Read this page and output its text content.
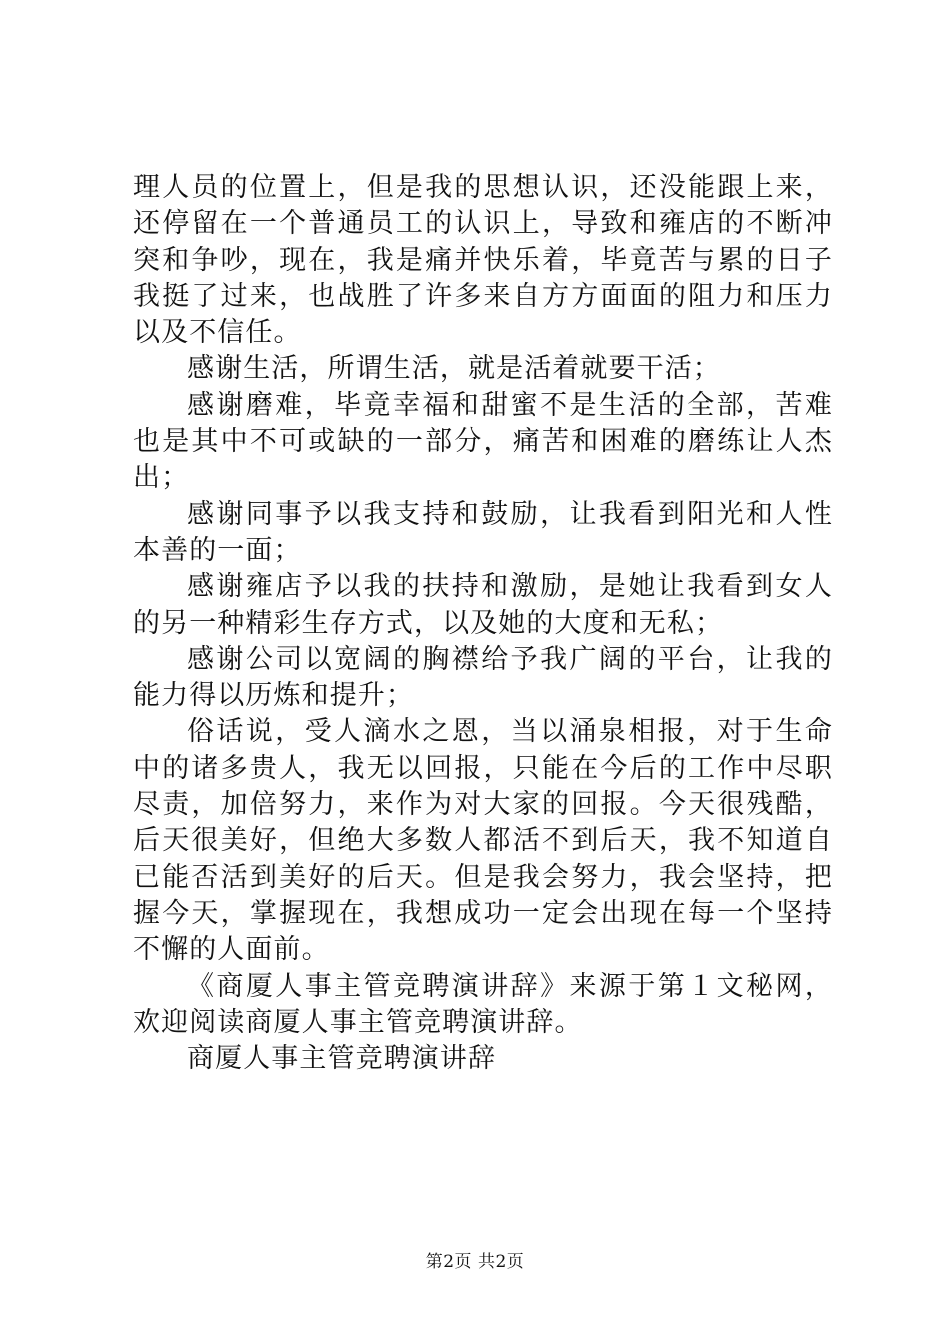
理人员的位置上，但是我的思想认识，还没能跟上来，还停留在一个普通员工的认识上，导致和雍店的不断冲突和争吵，现在，我是痛并快乐着，毕竟苦与累的日子我挺了过来，也战胜了许多来自方方面面的阻力和压力以及不信任。

感谢生活，所谓生活，就是活着就要干活；

感谢磨难，毕竟幸福和甜蜜不是生活的全部，苦难也是其中不可或缺的一部分，痛苦和困难的磨练让人杰出；

感谢同事予以我支持和鼓励，让我看到阳光和人性本善的一面；

感谢雍店予以我的扶持和激励，是她让我看到女人的另一种精彩生存方式，以及她的大度和无私；

感谢公司以宽阔的胸襟给予我广阔的平台，让我的能力得以历炼和提升；

俗话说，受人滴水之恩，当以涌泉相报，对于生命中的诸多贵人，我无以回报，只能在今后的工作中尽职尽责，加倍努力，来作为对大家的回报。今天很残酷，后天很美好，但绝大多数人都活不到后天，我不知道自已能否活到美好的后天。但是我会努力，我会坚持，把握今天，掌握现在，我想成功一定会出现在每一个坚持不懈的人面前。

《商厦人事主管竞聘演讲辞》来源于第１文秘网，欢迎阅读商厦人事主管竞聘演讲辞。

商厦人事主管竞聘演讲辞

第2页 共2页
